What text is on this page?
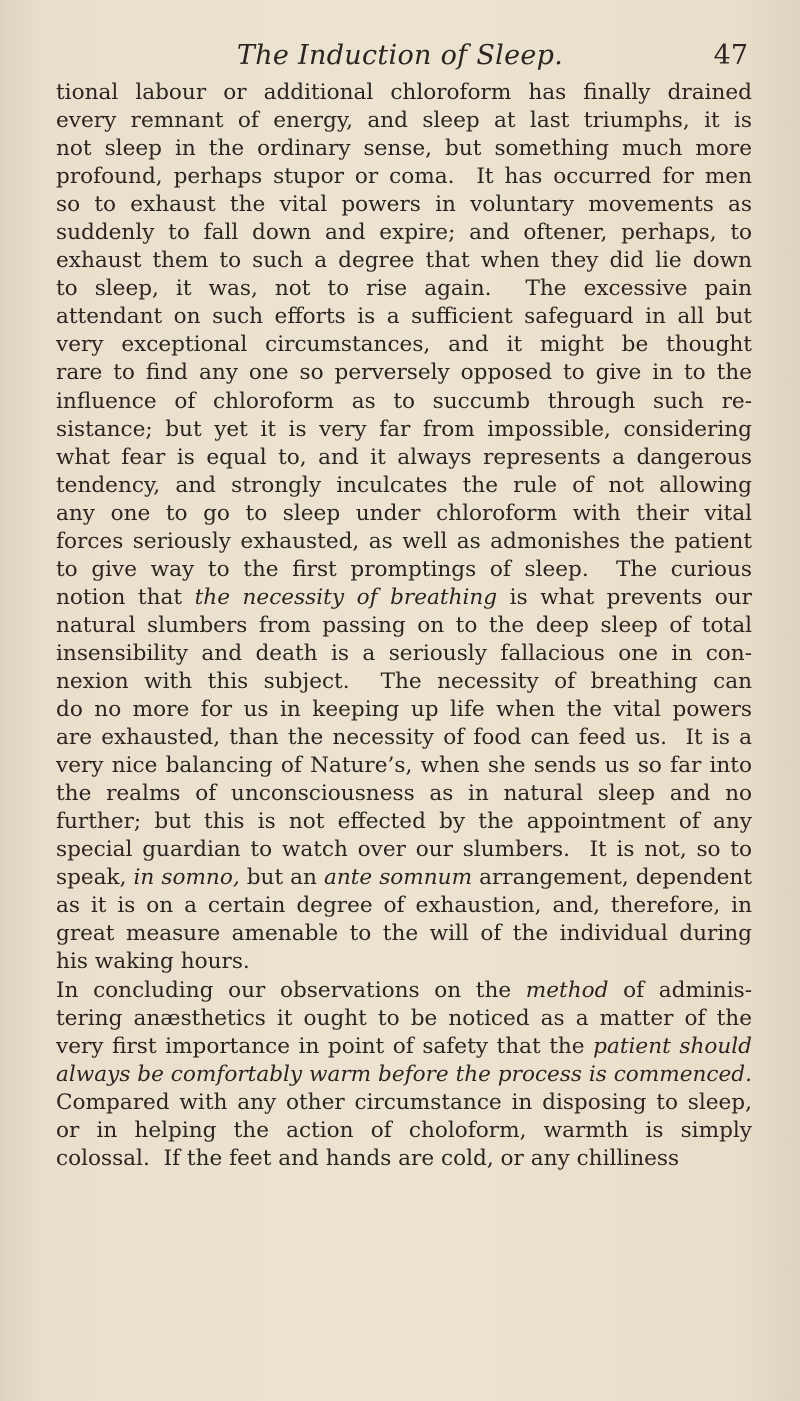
The Induction of Sleep.	47
tional labour or additional chloroform has finally drained
every remnant of energy, and sleep at last triumphs, it is
not sleep in the ordinary sense, but something much more
profound, perhaps stupor or coma.  It has occurred for men
so to exhaust the vital powers in voluntary movements as
suddenly to fall down and expire; and oftener, perhaps, to
exhaust them to such a degree that when they did lie down
to sleep, it was, not to rise again.  The excessive pain
attendant on such efforts is a sufficient safeguard in all but
very exceptional circumstances, and it might be thought
rare to find any one so perversely opposed to give in to the
influence of chloroform as to succumb through such re-
sistance; but yet it is very far from impossible, considering
what fear is equal to, and it always represents a dangerous
tendency, and strongly inculcates the rule of not allowing
any one to go to sleep under chloroform with their vital
forces seriously exhausted, as well as admonishes the patient
to give way to the first promptings of sleep.  The curious
notion that the necessity of breathing is what prevents our
natural slumbers from passing on to the deep sleep of total
insensibility and death is a seriously fallacious one in con-
nexion with this subject.  The necessity of breathing can
do no more for us in keeping up life when the vital powers
are exhausted, than the necessity of food can feed us.  It is a
very nice balancing of Nature’s, when she sends us so far into
the realms of unconsciousness as in natural sleep and no
further; but this is not effected by the appointment of any
special guardian to watch over our slumbers.  It is not, so to
speak, in somno, but an ante somnum arrangement, dependent
as it is on a certain degree of exhaustion, and, therefore, in
great measure amenable to the will of the individual during
his waking hours.
In concluding our observations on the method of adminis-
tering anæsthetics it ought to be noticed as a matter of the
very first importance in point of safety that the patient should
always be comfortably warm before the process is commenced.
Compared with any other circumstance in disposing to sleep,
or in helping the action of choloform, warmth is simply
colossal.  If the feet and hands are cold, or any chilliness
